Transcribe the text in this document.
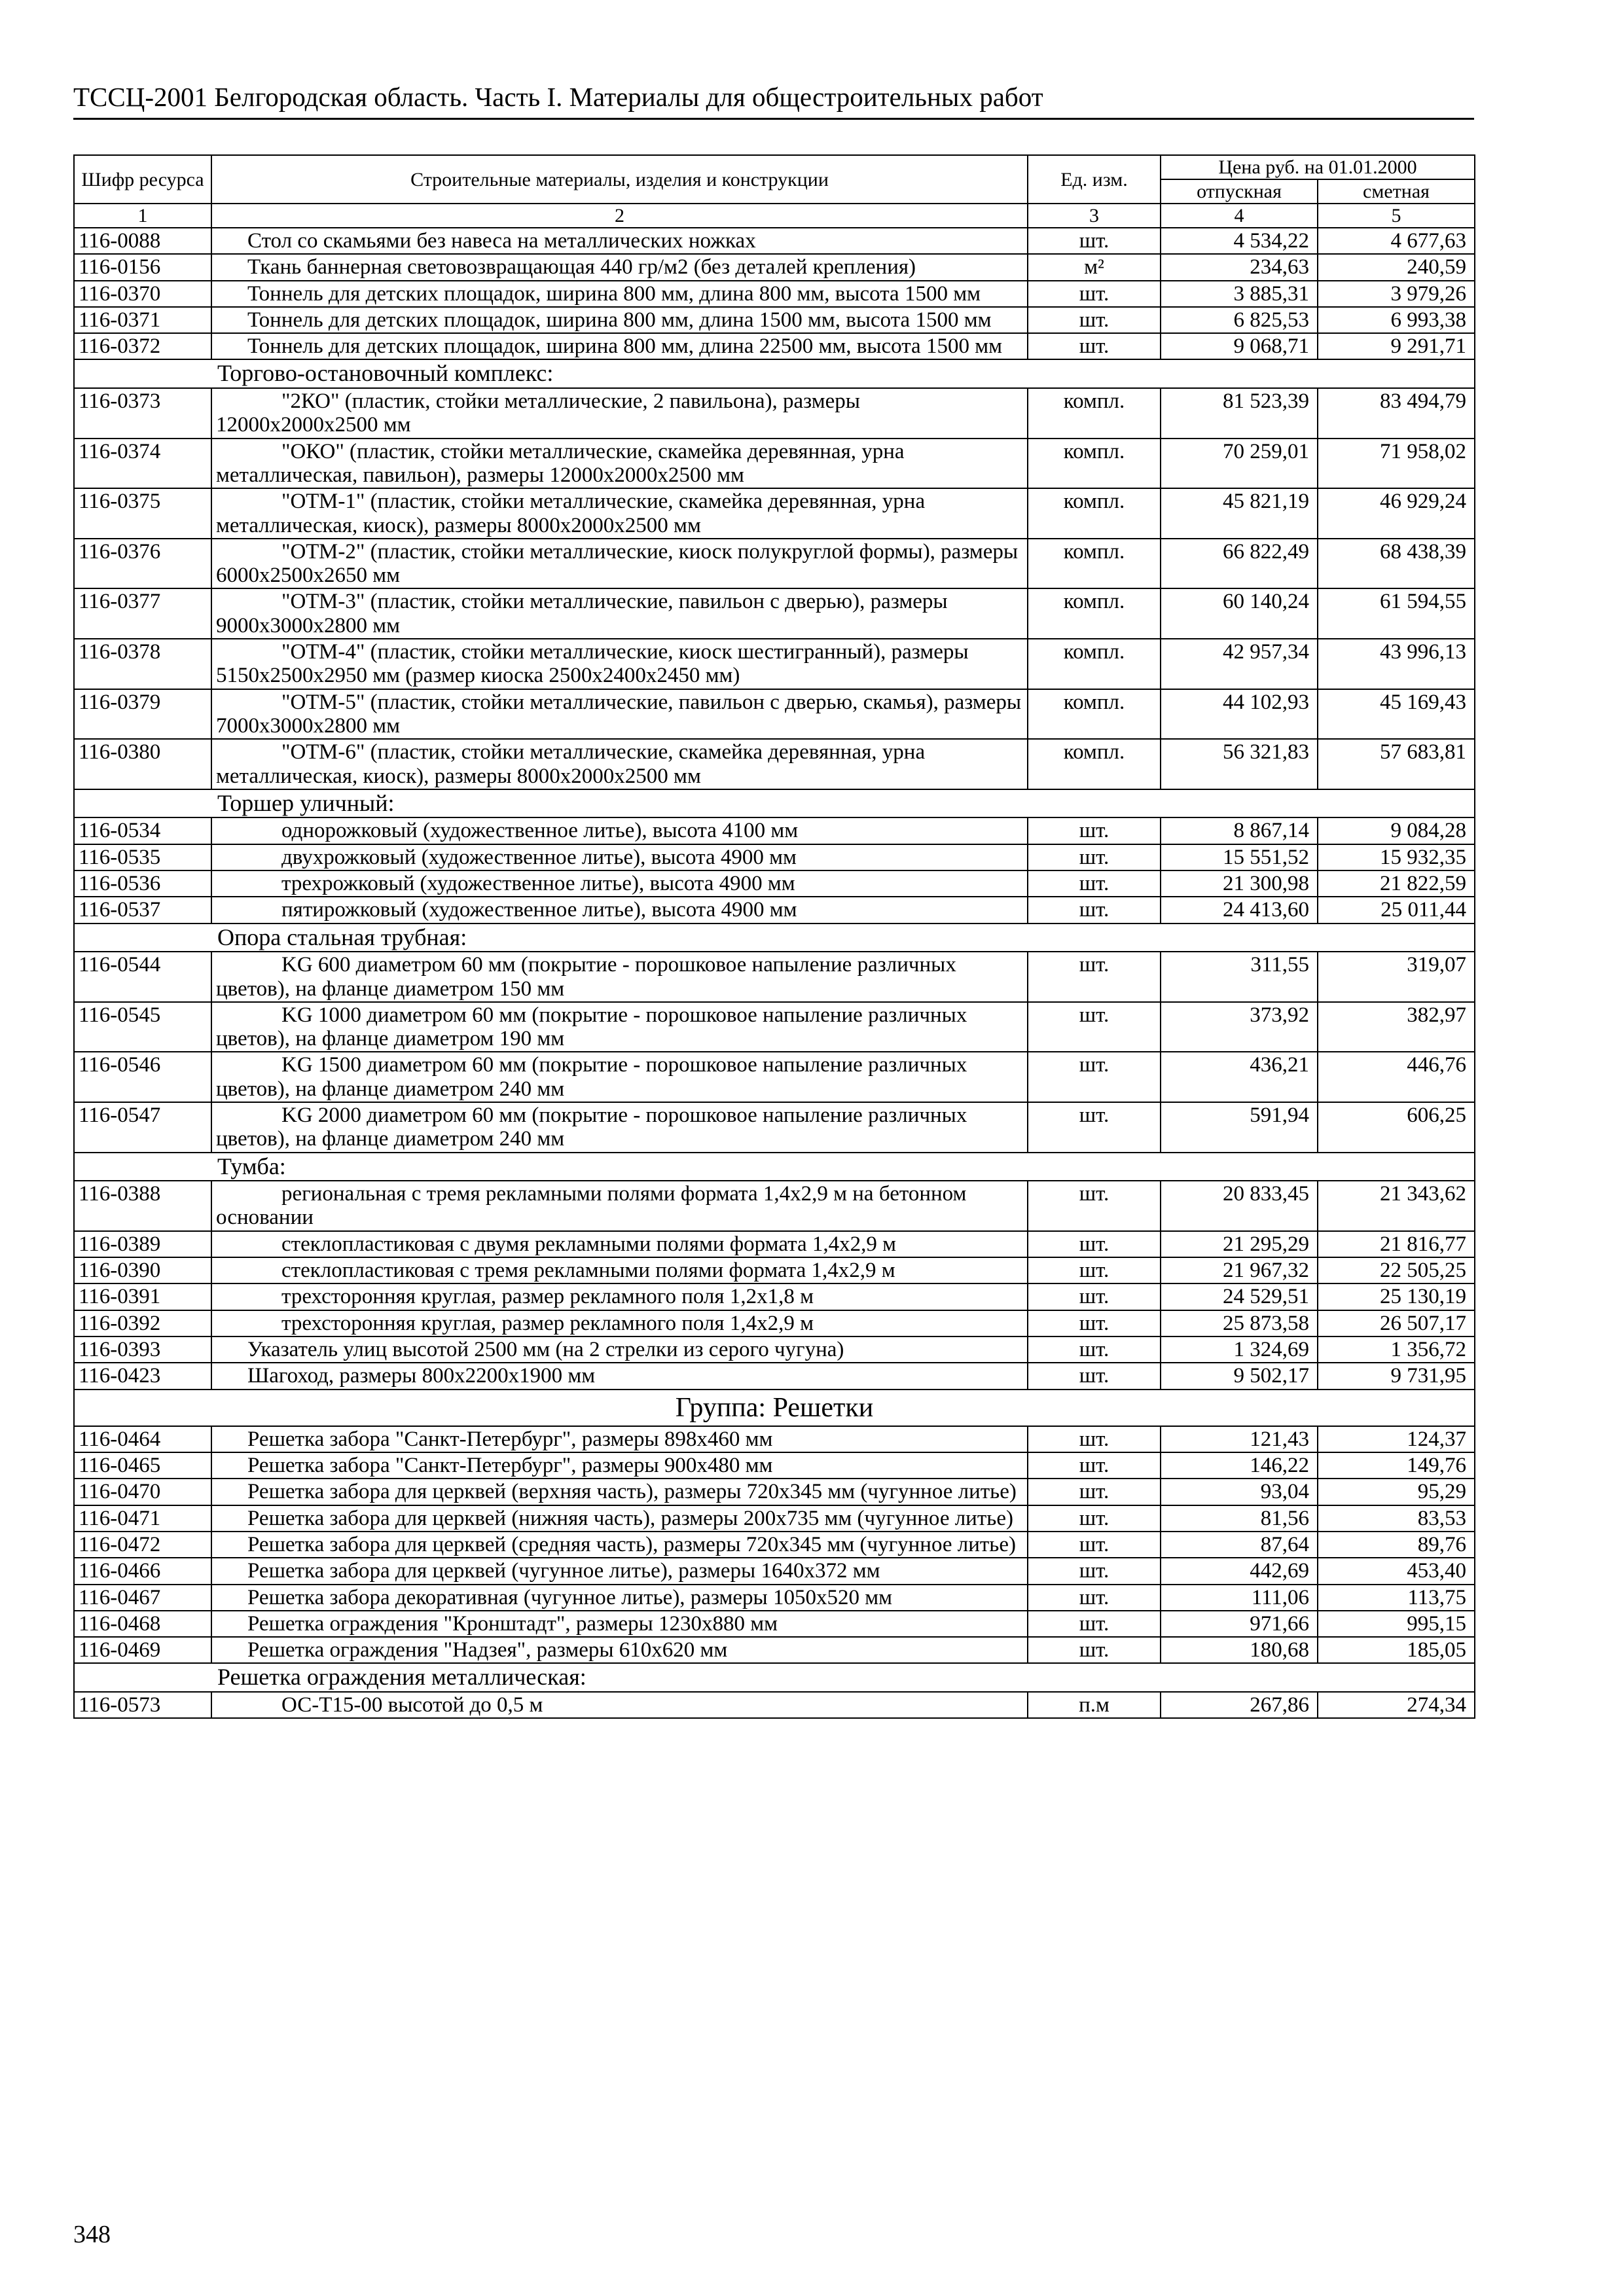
ТССЦ-2001 Белгородская область. Часть I. Материалы для общестроительных работ
Шифр ресурса	Строительные материалы, изделия и конструкции	Ед. изм.	Цена руб. на 01.01.2000	
			отпускная	сметная
1	2	3	4	5
116-0088	Стол со скамьями без навеса на металлических ножках	шт.	4 534,22	4 677,63
116-0156	Ткань баннерная световозвращающая 440 гр/м2 (без деталей крепления)	м²	234,63	240,59
116-0370	Тоннель для детских площадок, ширина 800 мм, длина 800 мм, высота 1500 мм	шт.	3 885,31	3 979,26
116-0371	Тоннель для детских площадок, ширина 800 мм, длина 1500 мм, высота 1500 мм	шт.	6 825,53	6 993,38
116-0372	Тоннель для детских площадок, ширина 800 мм, длина 22500 мм, высота 1500 мм	шт.	9 068,71	9 291,71
Торгово-остановочный комплекс:				
116-0373	"2КО" (пластик, стойки металлические, 2 павильона), размеры 12000х2000х2500 мм	компл.	81 523,39	83 494,79
116-0374	"ОКО" (пластик, стойки металлические, скамейка деревянная, урна металлическая, павильон), размеры 12000х2000х2500 мм	компл.	70 259,01	71 958,02
116-0375	"ОТМ-1" (пластик, стойки металлические, скамейка деревянная, урна металлическая, киоск), размеры 8000х2000х2500 мм	компл.	45 821,19	46 929,24
116-0376	"ОТМ-2" (пластик, стойки металлические, киоск полукруглой формы), размеры 6000х2500х2650 мм	компл.	66 822,49	68 438,39
116-0377	"ОТМ-3" (пластик, стойки металлические, павильон с дверью), размеры 9000х3000х2800 мм	компл.	60 140,24	61 594,55
116-0378	"ОТМ-4" (пластик, стойки металлические, киоск шестигранный), размеры 5150х2500х2950 мм (размер киоска 2500х2400х2450 мм)	компл.	42 957,34	43 996,13
116-0379	"ОТМ-5" (пластик, стойки металлические, павильон с дверью, скамья), размеры 7000х3000х2800 мм	компл.	44 102,93	45 169,43
116-0380	"ОТМ-6" (пластик, стойки металлические, скамейка деревянная, урна металлическая, киоск), размеры 8000х2000х2500 мм	компл.	56 321,83	57 683,81
Торшер уличный:				
116-0534	однорожковый (художественное литье), высота 4100 мм	шт.	8 867,14	9 084,28
116-0535	двухрожковый (художественное литье), высота 4900 мм	шт.	15 551,52	15 932,35
116-0536	трехрожковый (художественное литье), высота 4900 мм	шт.	21 300,98	21 822,59
116-0537	пятирожковый (художественное литье), высота 4900 мм	шт.	24 413,60	25 011,44
Опора стальная трубная:				
116-0544	KG 600 диаметром 60 мм (покрытие - порошковое напыление различных цветов), на фланце диаметром 150 мм	шт.	311,55	319,07
116-0545	KG 1000 диаметром 60 мм (покрытие - порошковое напыление различных цветов), на фланце диаметром 190 мм	шт.	373,92	382,97
116-0546	KG 1500 диаметром 60 мм (покрытие - порошковое напыление различных цветов), на фланце диаметром 240 мм	шт.	436,21	446,76
116-0547	KG 2000 диаметром 60 мм (покрытие - порошковое напыление различных цветов), на фланце диаметром 240 мм	шт.	591,94	606,25
Тумба:				
116-0388	региональная с тремя рекламными полями формата 1,4х2,9 м на бетонном основании	шт.	20 833,45	21 343,62
116-0389	стеклопластиковая с двумя рекламными полями формата 1,4х2,9 м	шт.	21 295,29	21 816,77
116-0390	стеклопластиковая с тремя рекламными полями формата 1,4х2,9 м	шт.	21 967,32	22 505,25
116-0391	трехсторонняя круглая, размер рекламного поля 1,2х1,8 м	шт.	24 529,51	25 130,19
116-0392	трехсторонняя круглая, размер рекламного поля 1,4х2,9 м	шт.	25 873,58	26 507,17
116-0393	Указатель улиц высотой 2500 мм (на 2 стрелки из серого чугуна)	шт.	1 324,69	1 356,72
116-0423	Шагоход, размеры 800х2200х1900 мм	шт.	9 502,17	9 731,95
Группа: Решетки				
116-0464	Решетка забора "Санкт-Петербург", размеры 898х460 мм	шт.	121,43	124,37
116-0465	Решетка забора "Санкт-Петербург", размеры 900х480 мм	шт.	146,22	149,76
116-0470	Решетка забора для церквей (верхняя часть), размеры 720х345 мм (чугунное литье)	шт.	93,04	95,29
116-0471	Решетка забора для церквей (нижняя часть), размеры 200х735 мм (чугунное литье)	шт.	81,56	83,53
116-0472	Решетка забора для церквей (средняя часть), размеры 720х345 мм (чугунное литье)	шт.	87,64	89,76
116-0466	Решетка забора для церквей (чугунное литье), размеры 1640х372 мм	шт.	442,69	453,40
116-0467	Решетка забора декоративная (чугунное литье), размеры 1050х520 мм	шт.	111,06	113,75
116-0468	Решетка ограждения "Кронштадт", размеры 1230х880 мм	шт.	971,66	995,15
116-0469	Решетка ограждения "Надзея", размеры 610х620 мм	шт.	180,68	185,05
Решетка ограждения металлическая:				
116-0573	ОС-Т15-00 высотой до 0,5 м	п.м	267,86	274,34
348
